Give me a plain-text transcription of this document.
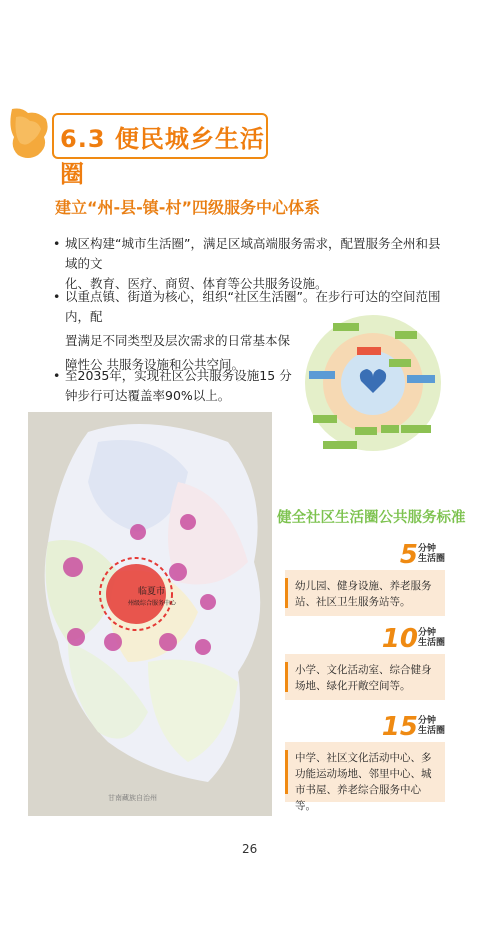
6.3 便民城乡生活圈
建立“州-县-镇-村”四级服务中心体系
• 城区构建“城市生活圈”，满足区域高端服务需求，配置服务全州和县域的文
化、教育、医疗、商贸、体育等公共服务设施。
• 以重点镇、街道为核心，组织“社区生活圈”。在步行可达的空间范围内，配
置满足不同类型及层次需求的日常基本保
障性公 共服务设施和公共空间。
• 至2035年，实现社区公共服务设施15 分
钟步行可达覆盖率90%以上。
临夏市
州级综合服务中心
甘南藏族自治州
健全社区生活圈公共服务标准
5分钟
生活圈
幼儿园、健身设施、养老服务站、社区卫生服务站等。
10分钟
生活圈
小学、文化活动室、综合健身场地、绿化开敞空间等。
15分钟
生活圈
中学、社区文化活动中心、多功能运动场地、邻里中心、城市书屋、养老综合服务中心等。
26
